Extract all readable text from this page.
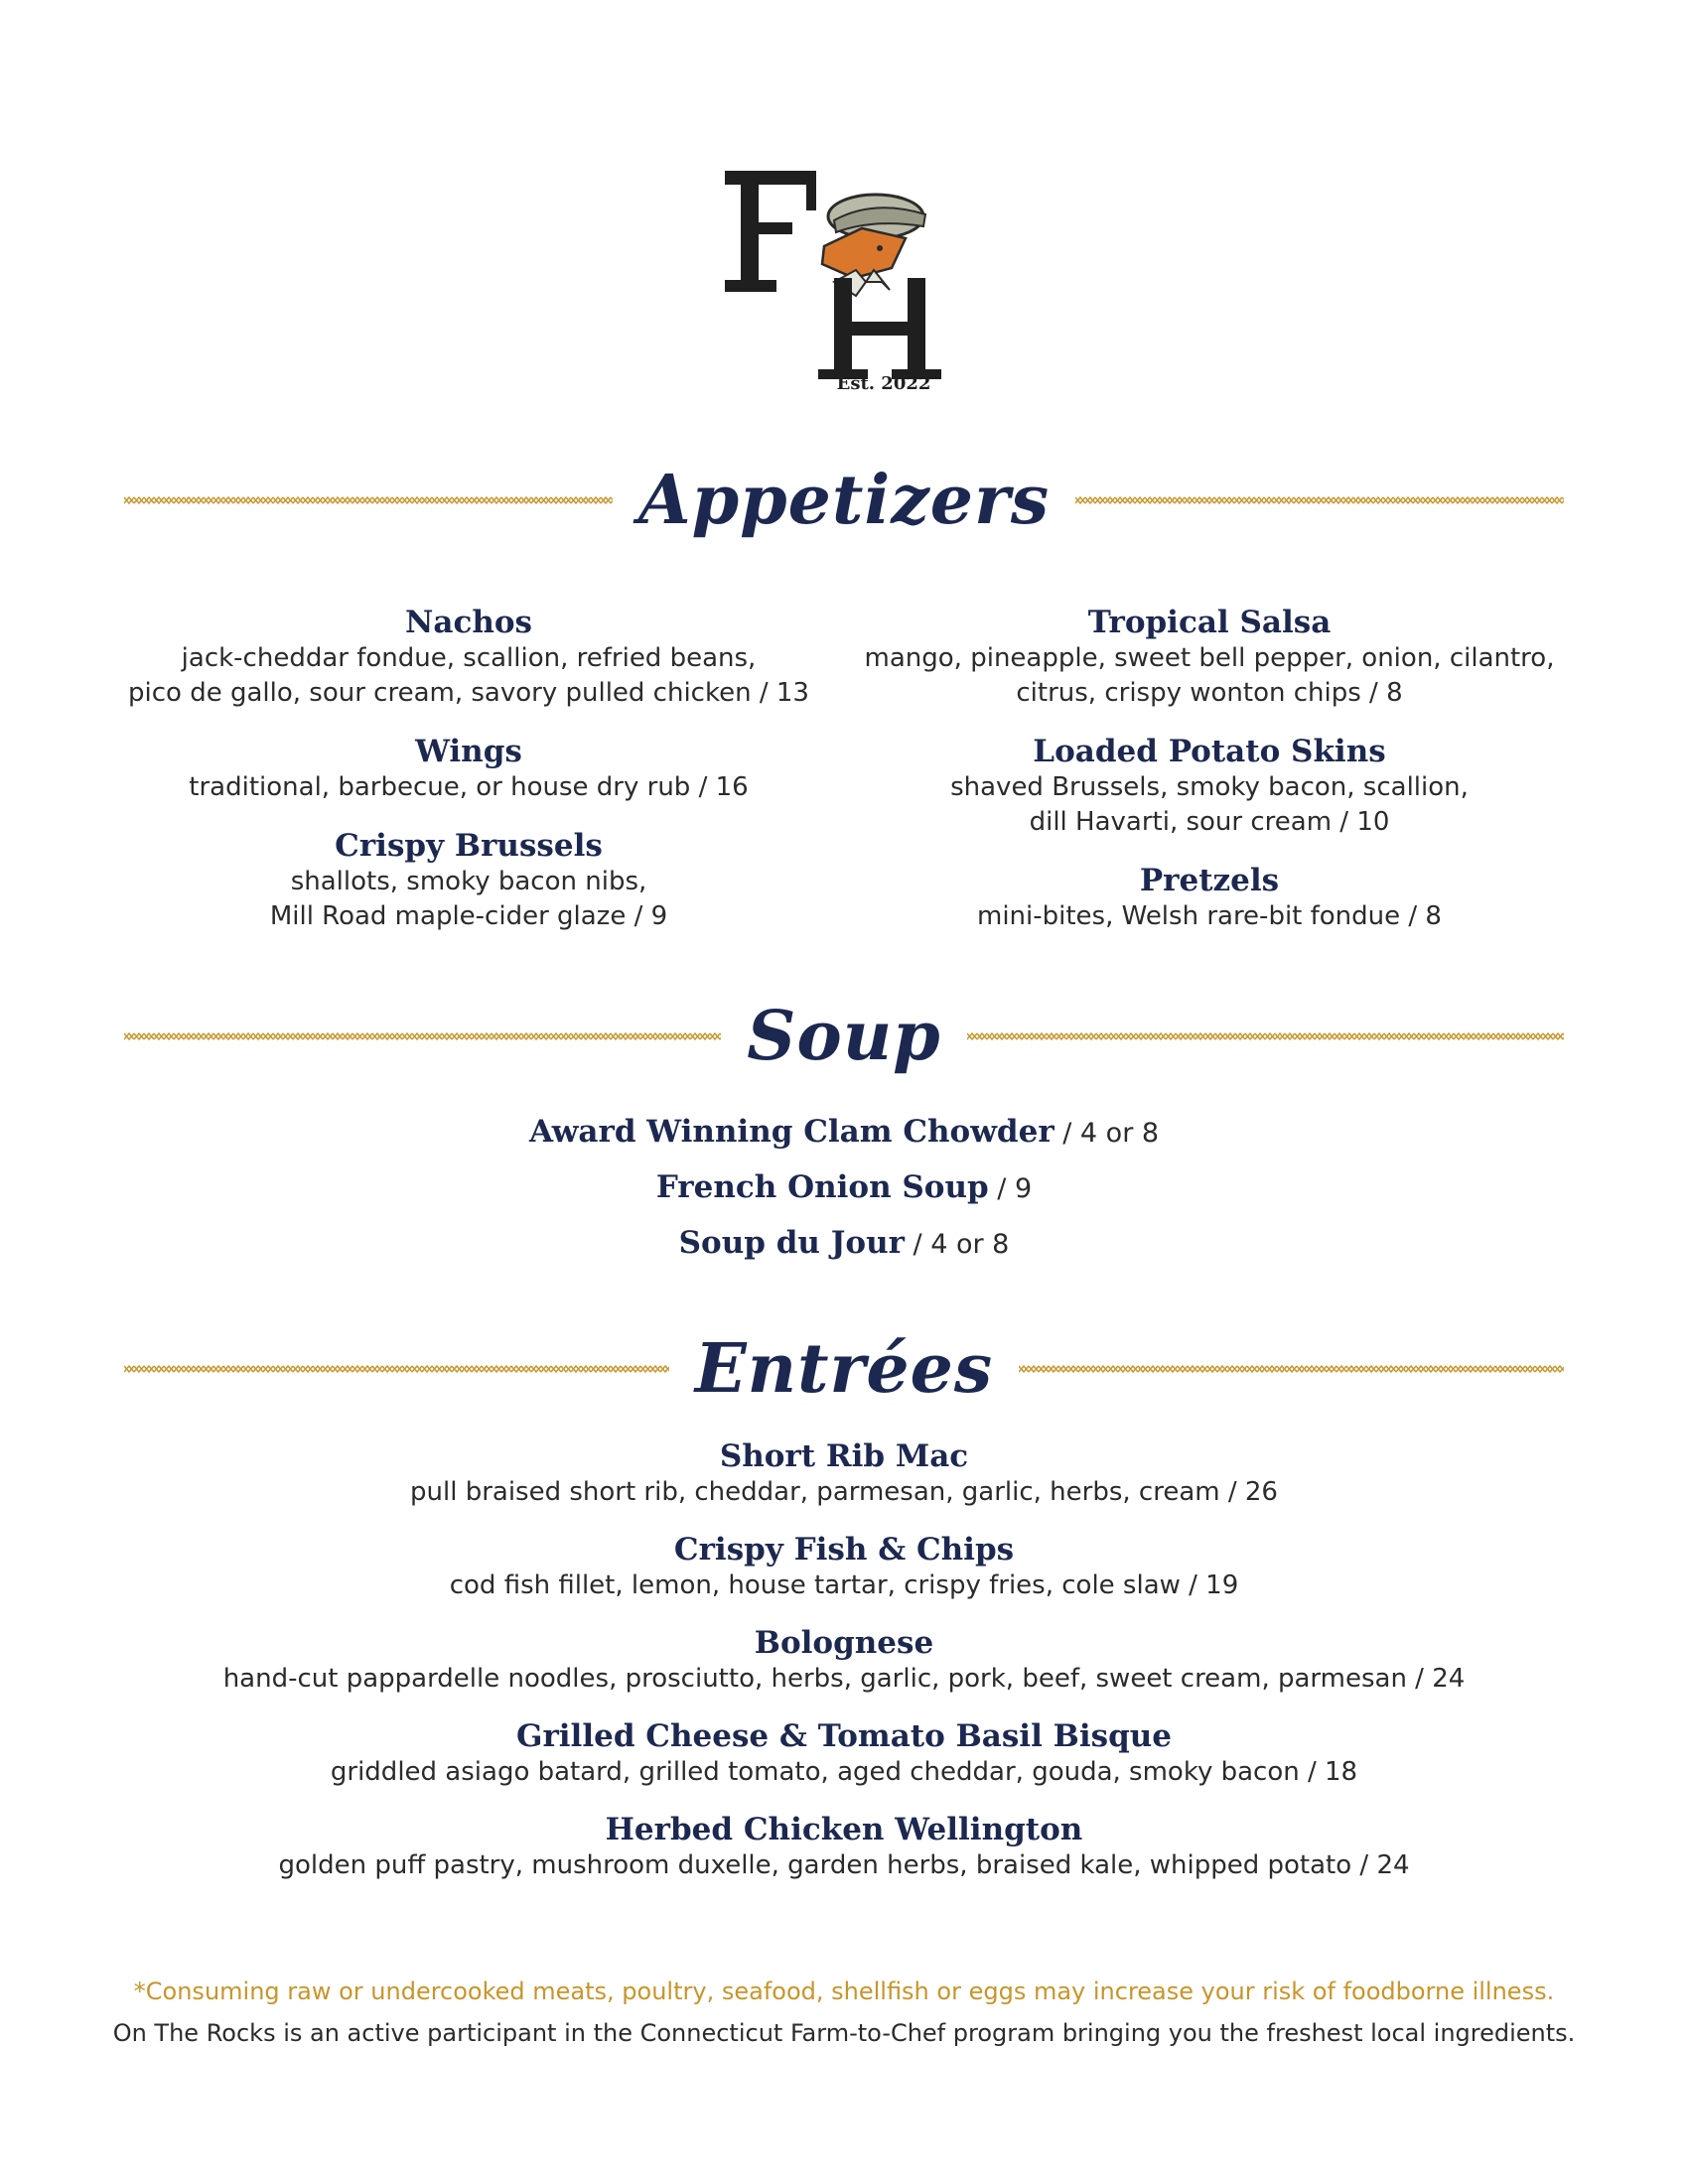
Est. 2022
Appetizers
Nachos
jack-cheddar fondue, scallion, refried beans,
pico de gallo, sour cream, savory pulled chicken / 13
Wings
traditional, barbecue, or house dry rub / 16
Crispy Brussels
shallots, smoky bacon nibs,
Mill Road maple-cider glaze / 9
Tropical Salsa
mango, pineapple, sweet bell pepper, onion, cilantro,
citrus, crispy wonton chips / 8
Loaded Potato Skins
shaved Brussels, smoky bacon, scallion,
dill Havarti, sour cream / 10
Pretzels
mini-bites, Welsh rare-bit fondue / 8
Soup
Award Winning Clam Chowder / 4 or 8
French Onion Soup / 9
Soup du Jour / 4 or 8
Entrées
Short Rib Mac
pull braised short rib, cheddar, parmesan, garlic, herbs, cream / 26
Crispy Fish & Chips
cod fish fillet, lemon, house tartar, crispy fries, cole slaw / 19
Bolognese
hand-cut pappardelle noodles, prosciutto, herbs, garlic, pork, beef, sweet cream, parmesan / 24
Grilled Cheese & Tomato Basil Bisque
griddled asiago batard, grilled tomato, aged cheddar, gouda, smoky bacon / 18
Herbed Chicken Wellington
golden puff pastry, mushroom duxelle, garden herbs, braised kale, whipped potato / 24
*Consuming raw or undercooked meats, poultry, seafood, shellfish or eggs may increase your risk of foodborne illness.
On The Rocks is an active participant in the Connecticut Farm-to-Chef program bringing you the freshest local ingredients.
